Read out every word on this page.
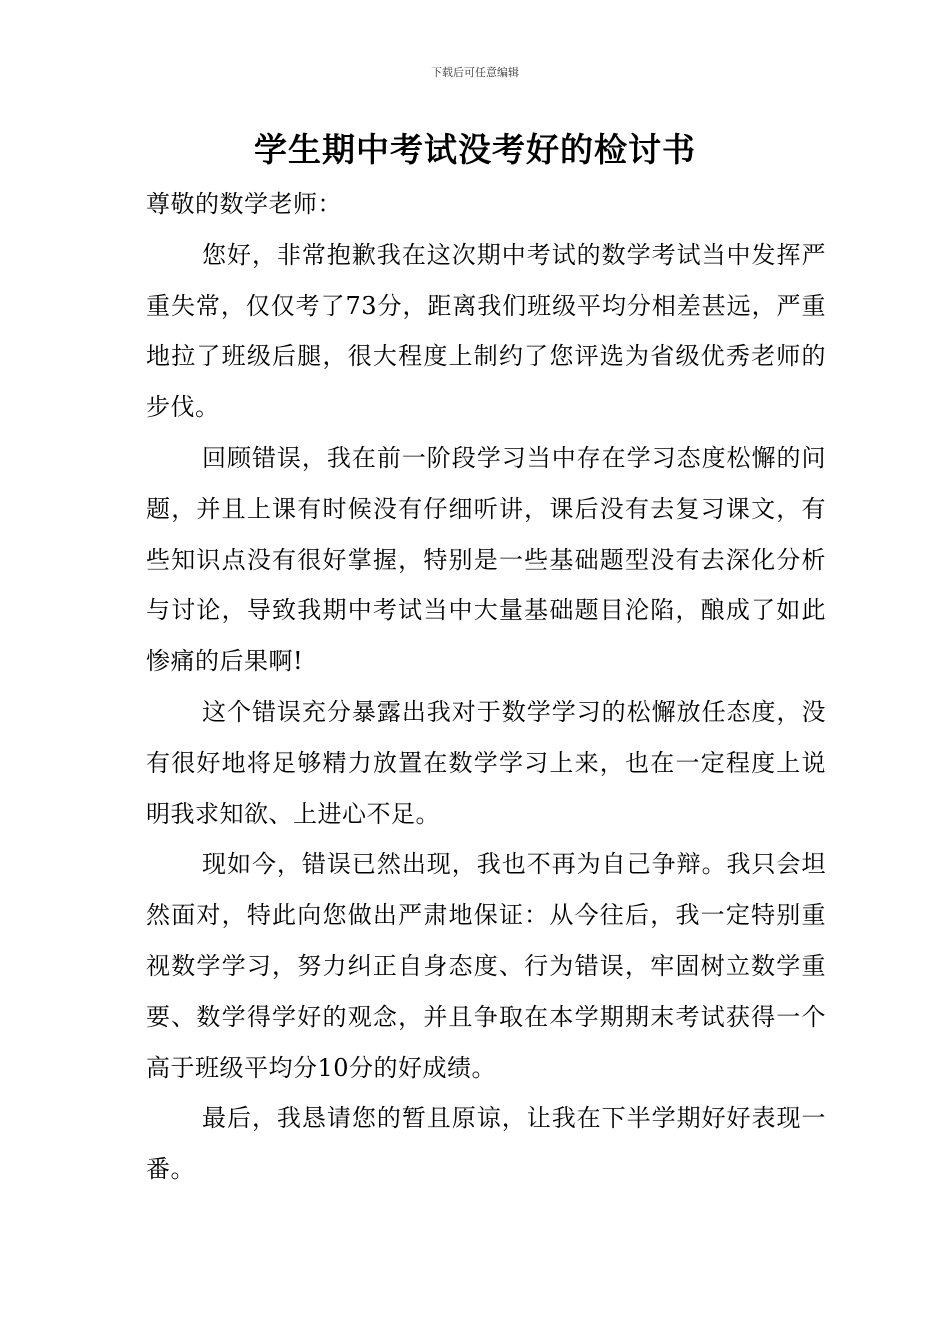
下载后可任意编辑
学生期中考试没考好的检讨书

尊敬的数学老师：

您好，非常抱歉我在这次期中考试的数学考试当中发挥严重失常，仅仅考了73分，距离我们班级平均分相差甚远，严重地拉了班级后腿，很大程度上制约了您评选为省级优秀老师的步伐。

回顾错误，我在前一阶段学习当中存在学习态度松懈的问题，并且上课有时候没有仔细听讲，课后没有去复习课文，有些知识点没有很好掌握，特别是一些基础题型没有去深化分析与讨论，导致我期中考试当中大量基础题目沦陷，酿成了如此惨痛的后果啊!

这个错误充分暴露出我对于数学学习的松懈放任态度，没有很好地将足够精力放置在数学学习上来，也在一定程度上说明我求知欲、上进心不足。

现如今，错误已然出现，我也不再为自己争辩。我只会坦然面对，特此向您做出严肃地保证：从今往后，我一定特别重视数学学习，努力纠正自身态度、行为错误，牢固树立数学重要、数学得学好的观念，并且争取在本学期期末考试获得一个高于班级平均分10分的好成绩。

最后，我恳请您的暂且原谅，让我在下半学期好好表现一番。
